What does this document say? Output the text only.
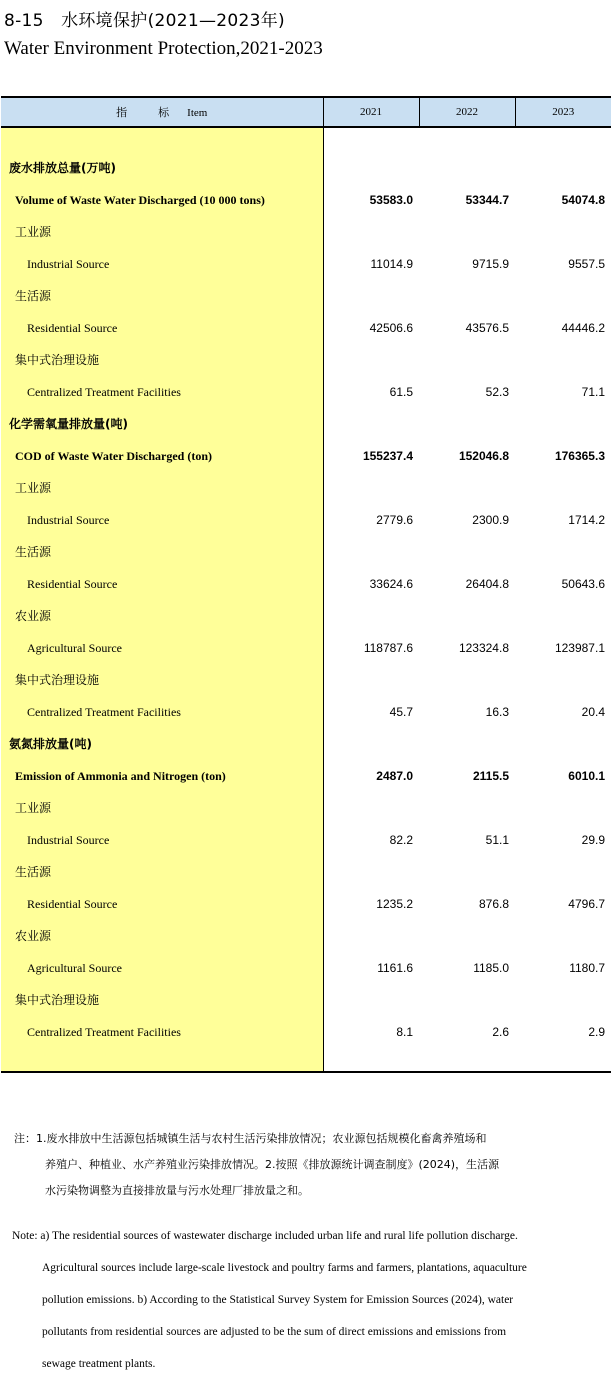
8-15　水环境保护(2021—2023年)
Water Environment Protection,2021-2023
指　标 Item	2021	2022	2023

废水排放总量(万吨)			
Volume of Waste Water Discharged (10 000 tons)	53583.0	53344.7	54074.8
工业源			
Industrial Source	11014.9	9715.9	9557.5
生活源			
Residential Source	42506.6	43576.5	44446.2
集中式治理设施			
Centralized Treatment Facilities	61.5	52.3	71.1
化学需氧量排放量(吨)			
COD of Waste Water Discharged (ton)	155237.4	152046.8	176365.3
工业源			
Industrial Source	2779.6	2300.9	1714.2
生活源			
Residential Source	33624.6	26404.8	50643.6
农业源			
Agricultural Source	118787.6	123324.8	123987.1
集中式治理设施			
Centralized Treatment Facilities	45.7	16.3	20.4
氨氮排放量(吨)			
Emission of Ammonia and Nitrogen (ton)	2487.0	2115.5	6010.1
工业源			
Industrial Source	82.2	51.1	29.9
生活源			
Residential Source	1235.2	876.8	4796.7
农业源			
Agricultural Source	1161.6	1185.0	1180.7
集中式治理设施			
Centralized Treatment Facilities	8.1	2.6	2.9

注：1.废水排放中生活源包括城镇生活与农村生活污染排放情况；农业源包括规模化畜禽养殖场和

养殖户、种植业、水产养殖业污染排放情况。2.按照《排放源统计调查制度》(2024)，生活源

水污染物调整为直接排放量与污水处理厂排放量之和。

Note: a) The residential sources of wastewater discharge included urban life and rural life pollution discharge.

Agricultural sources include large-scale livestock and poultry farms and farmers, plantations, aquaculture

pollution emissions. b) According to the Statistical Survey System for Emission Sources (2024), water

pollutants from residential sources are adjusted to be the sum of direct emissions and emissions from

sewage treatment plants.
